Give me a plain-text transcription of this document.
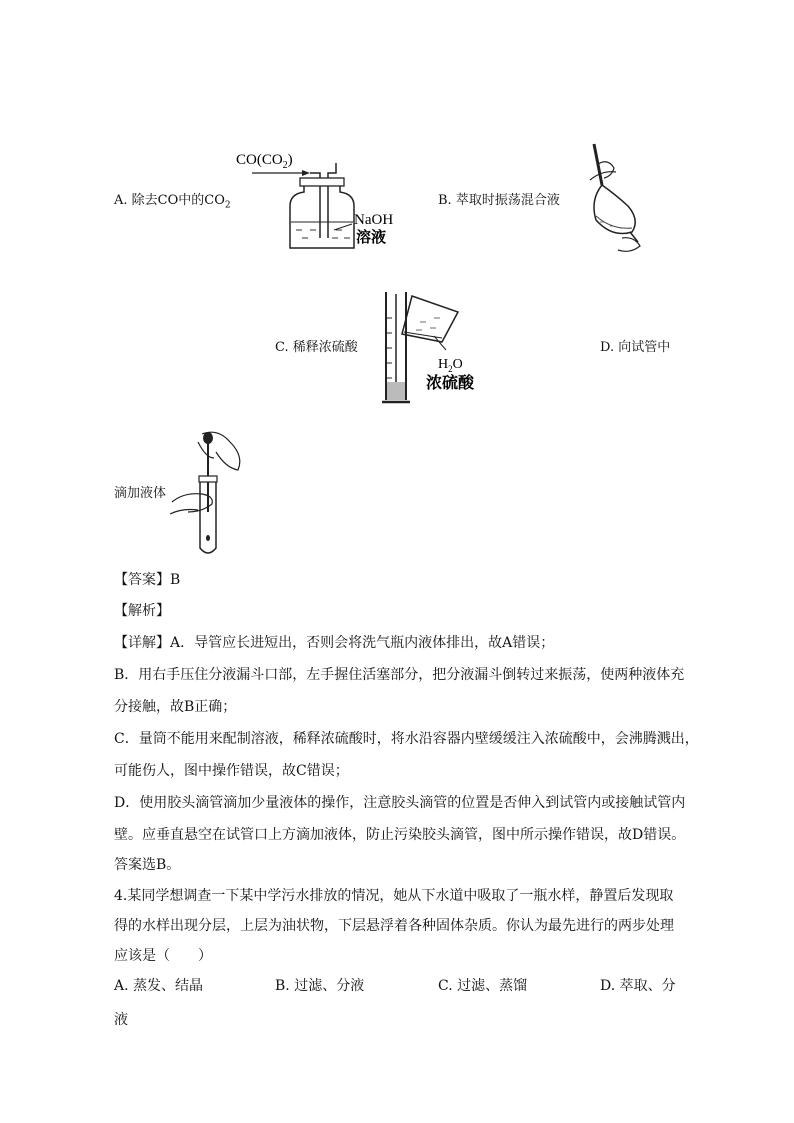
A. 除去CO中的$CO_2$	B. 萃取时振荡混合液
C. 稀释浓硫酸	D. 向试管中
滴加液体
$CO(CO_2)$
NaOH
溶液
$H_2O$
浓硫酸
【答案】B
【解析】
【详解】A．导管应长进短出，否则会将洗气瓶内液体排出，故A错误；
B．用右手压住分液漏斗口部，左手握住活塞部分，把分液漏斗倒转过来振荡，使两种液体充
分接触，故B正确；
C．量筒不能用来配制溶液，稀释浓硫酸时，将水沿容器内壁缓缓注入浓硫酸中，会沸腾溅出，
可能伤人，图中操作错误，故C错误；
D．使用胶头滴管滴加少量液体的操作，注意胶头滴管的位置是否伸入到试管内或接触试管内
壁。应垂直悬空在试管口上方滴加液体，防止污染胶头滴管，图中所示操作错误，故D错误。
答案选B。
4.某同学想调查一下某中学污水排放的情况，她从下水道中吸取了一瓶水样，静置后发现取
得的水样出现分层，上层为油状物，下层悬浮着各种固体杂质。你认为最先进行的两步处理
应该是（　　）
A. 蒸发、结晶	B. 过滤、分液	C. 过滤、蒸馏	D. 萃取、分
液
